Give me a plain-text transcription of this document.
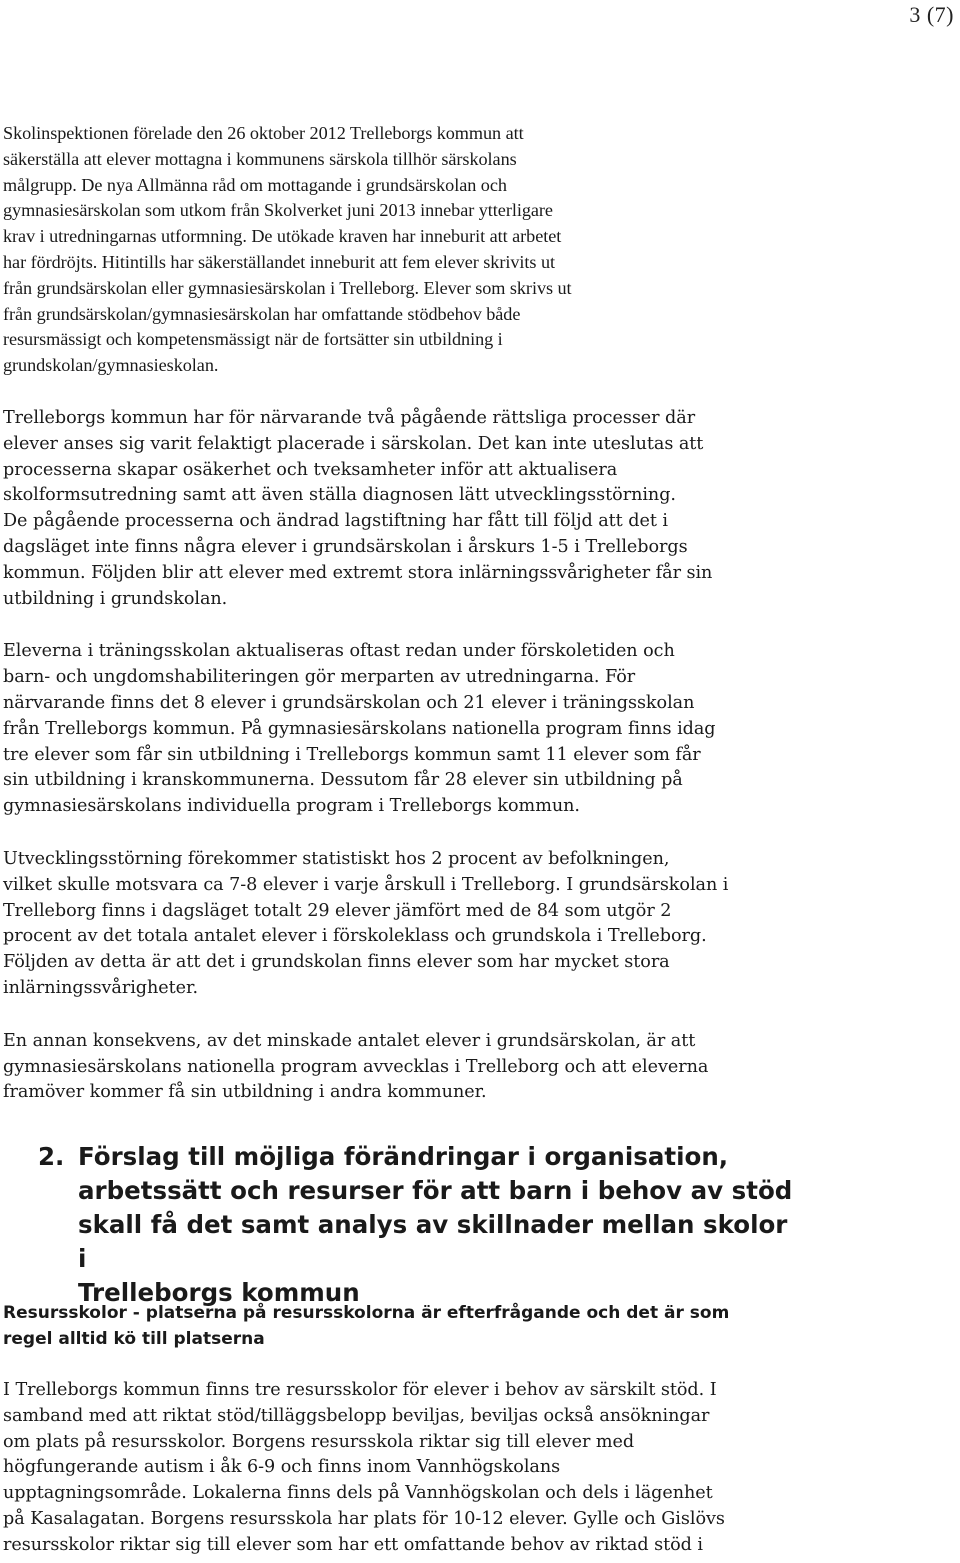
3 (7)

Skolinspektionen förelade den 26 oktober 2012 Trelleborgs kommun att
säkerställa att elever mottagna i kommunens särskola tillhör särskolans
målgrupp. De nya Allmänna råd om mottagande i grundsärskolan och
gymnasiesärskolan som utkom från Skolverket juni 2013 innebar ytterligare
krav i utredningarnas utformning. De utökade kraven har inneburit att arbetet
har fördröjts. Hitintills har säkerställandet inneburit att fem elever skrivits ut
från grundsärskolan eller gymnasiesärskolan i Trelleborg. Elever som skrivs ut
från grundsärskolan/gymnasiesärskolan har omfattande stödbehov både
resursmässigt och kompetensmässigt när de fortsätter sin utbildning i
grundskolan/gymnasieskolan.

Trelleborgs kommun har för närvarande två pågående rättsliga processer där
elever anses sig varit felaktigt placerade i särskolan. Det kan inte uteslutas att
processerna skapar osäkerhet och tveksamheter inför att aktualisera
skolformsutredning samt att även ställa diagnosen lätt utvecklingsstörning.
De pågående processerna och ändrad lagstiftning har fått till följd att det i
dagsläget inte finns några elever i grundsärskolan i årskurs 1-5 i Trelleborgs
kommun. Följden blir att elever med extremt stora inlärningssvårigheter får sin
utbildning i grundskolan.

Eleverna i träningsskolan aktualiseras oftast redan under förskoletiden och
barn- och ungdomshabiliteringen gör merparten av utredningarna. För
närvarande finns det 8 elever i grundsärskolan och 21 elever i träningsskolan
från Trelleborgs kommun. På gymnasiesärskolans nationella program finns idag
tre elever som får sin utbildning i Trelleborgs kommun samt 11 elever som får
sin utbildning i kranskommunerna. Dessutom får 28 elever sin utbildning på
gymnasiesärskolans individuella program i Trelleborgs kommun.

Utvecklingsstörning förekommer statistiskt hos 2 procent av befolkningen,
vilket skulle motsvara ca 7-8 elever i varje årskull i Trelleborg. I grundsärskolan i
Trelleborg finns i dagsläget totalt 29 elever jämfört med de 84 som utgör 2
procent av det totala antalet elever i förskoleklass och grundskola i Trelleborg.
Följden av detta är att det i grundskolan finns elever som har mycket stora
inlärningssvårigheter.

En annan konsekvens, av det minskade antalet elever i grundsärskolan, är att
gymnasiesärskolans nationella program avvecklas i Trelleborg och att eleverna
framöver kommer få sin utbildning i andra kommuner.

2. Förslag till möjliga förändringar i organisation,
arbetssätt och resurser för att barn i behov av stöd
skall få det samt analys av skillnader mellan skolor i
Trelleborgs kommun
Resursskolor - platserna på resursskolorna är efterfrågande och det är som
regel alltid kö till platserna

I Trelleborgs kommun finns tre resursskolor för elever i behov av särskilt stöd. I
samband med att riktat stöd/tilläggsbelopp beviljas, beviljas också ansökningar
om plats på resursskolor. Borgens resursskola riktar sig till elever med
högfungerande autism i åk 6-9 och finns inom Vannhögskolans
upptagningsområde. Lokalerna finns dels på Vannhögskolan och dels i lägenhet
på Kasalagatan. Borgens resursskola har plats för 10-12 elever. Gylle och Gislövs
resursskolor riktar sig till elever som har ett omfattande behov av riktad stöd i
